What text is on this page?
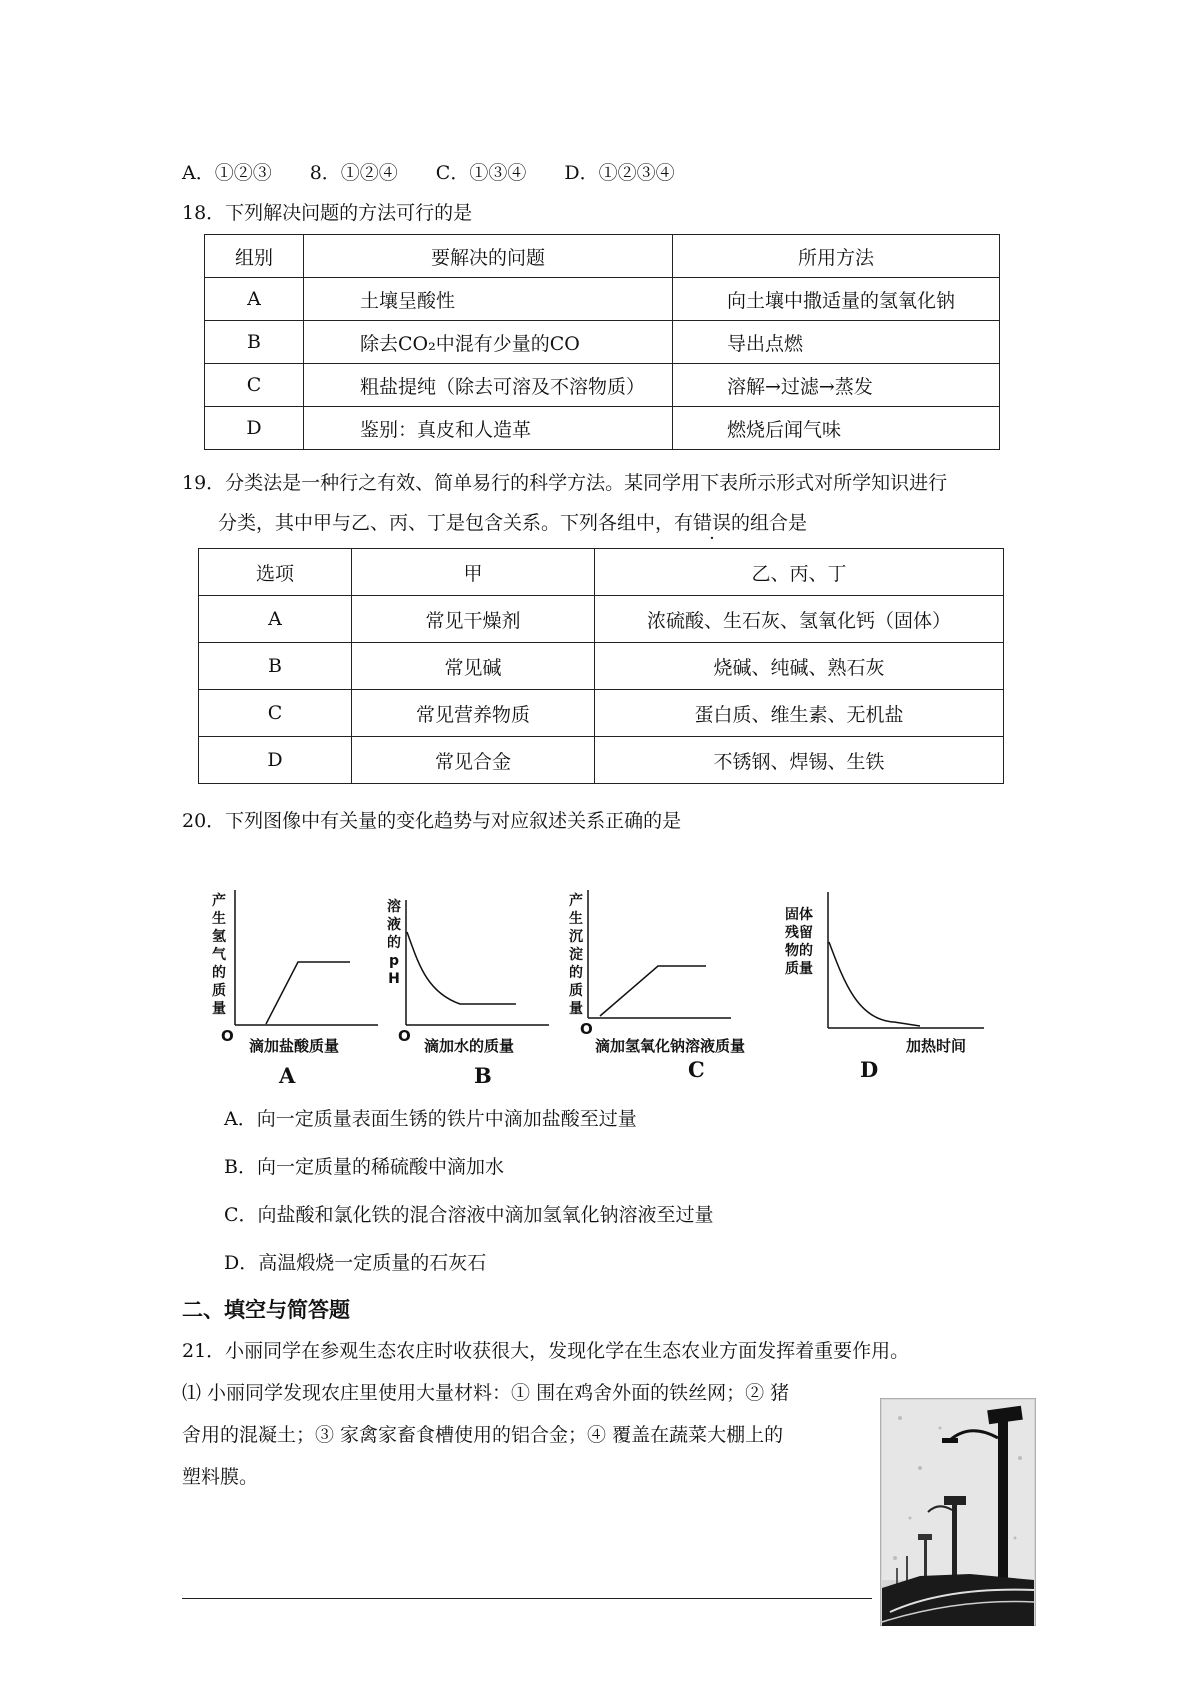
A．①②③　　8．①②④　　C．①③④　　D．①②③④
18．下列解决问题的方法可行的是
组别	要解决的问题	所用方法
A	土壤呈酸性	向土壤中撒适量的氢氧化钠
B	除去CO₂中混有少量的CO	导出点燃
C	粗盐提纯（除去可溶及不溶物质）	溶解→过滤→蒸发
D	鉴别：真皮和人造革	燃烧后闻气味
19．分类法是一种行之有效、简单易行的科学方法。某同学用下表所示形式对所学知识进行
分类，其中甲与乙、丙、丁是包含关系。下列各组中，有错误的组合是
选项	甲	乙、丙、丁
A	常见干燥剂	浓硫酸、生石灰、氢氧化钙（固体）
B	常见碱	烧碱、纯碱、熟石灰
C	常见营养物质	蛋白质、维生素、无机盐
D	常见合金	不锈钢、焊锡、生铁
20．下列图像中有关量的变化趋势与对应叙述关系正确的是
产生氢气的质量
O
滴加盐酸质量
A
溶液的pH
O
滴加水的质量
B
产生沉淀的质量
O
滴加氢氧化钠溶液质量
C
固体残留物的质量
加热时间
D
A．向一定质量表面生锈的铁片中滴加盐酸至过量
B．向一定质量的稀硫酸中滴加水
C．向盐酸和氯化铁的混合溶液中滴加氢氧化钠溶液至过量
D．高温煅烧一定质量的石灰石
二、填空与简答题
21．小丽同学在参观生态农庄时收获很大，发现化学在生态农业方面发挥着重要作用。
⑴ 小丽同学发现农庄里使用大量材料：① 围在鸡舍外面的铁丝网；② 猪
舍用的混凝土；③ 家禽家畜食槽使用的铝合金；④ 覆盖在蔬菜大棚上的
塑料膜。
